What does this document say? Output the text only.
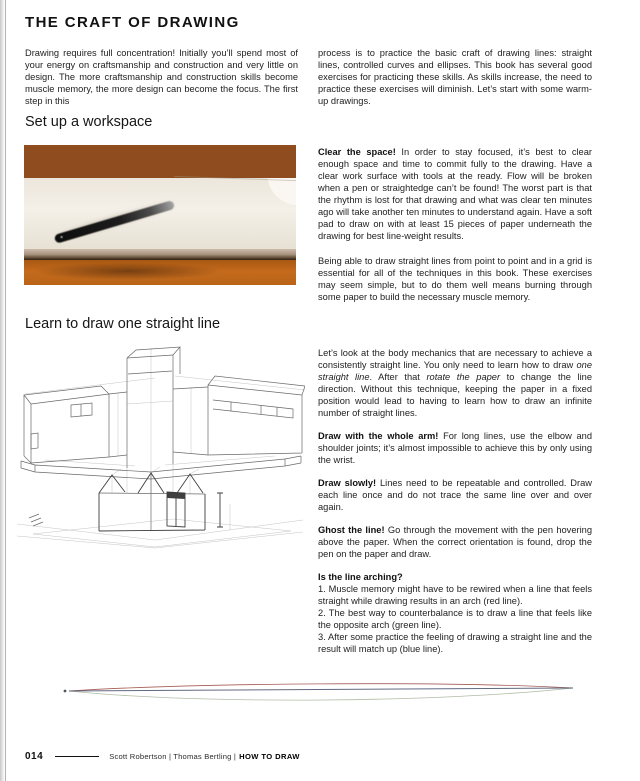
THE CRAFT OF DRAWING

Drawing requires full concentration! Initially you’ll spend most of your energy on craftsmanship and construction and very little on design. The more craftsmanship and construction skills become muscle memory, the more design can become the focus. The first step in this

process is to practice the basic craft of drawing lines: straight lines, controlled curves and ellipses. This book has several good exercises for practicing these skills. As skills increase, the need to practice these exercises will diminish. Let’s start with some warm-up drawings.

Set up a workspace

Clear the space! In order to stay focused, it’s best to clear enough space and time to commit fully to the drawing. Have a clear work surface with tools at the ready. Flow will be broken when a pen or straightedge can’t be found! The worst part is that the rhythm is lost for that drawing and what was clear ten minutes ago will take another ten minutes to understand again. Have a soft pad to draw on with at least 15 pieces of paper underneath the drawing for best line-weight results.

Being able to draw straight lines from point to point and in a grid is essential for all of the techniques in this book. These exercises may seem simple, but to do them well means burning through some paper to build the necessary muscle memory.

Learn to draw one straight line

Let’s look at the body mechanics that are necessary to achieve a consistently straight line. You only need to learn how to draw one straight line. After that rotate the paper to change the line direction. Without this technique, keeping the paper in a fixed position would lead to having to learn how to draw an infinite number of straight lines.

Draw with the whole arm! For long lines, use the elbow and shoulder joints; it’s almost impossible to achieve this by only using the wrist.

Draw slowly! Lines need to be repeatable and controlled. Draw each line once and do not trace the same line over and over again.

Ghost the line! Go through the movement with the pen hovering above the paper. When the correct orientation is found, drop the pen on the paper and draw.

Is the line arching?

1. Muscle memory might have to be rewired when a line that feels straight while drawing results in an arch (red line).
2. The best way to counterbalance is to draw a line that feels like the opposite arch (green line).
3. After some practice the feeling of drawing a straight line and the result will match up (blue line).
014	Scott Robertson | Thomas Bertling | HOW TO DRAW
